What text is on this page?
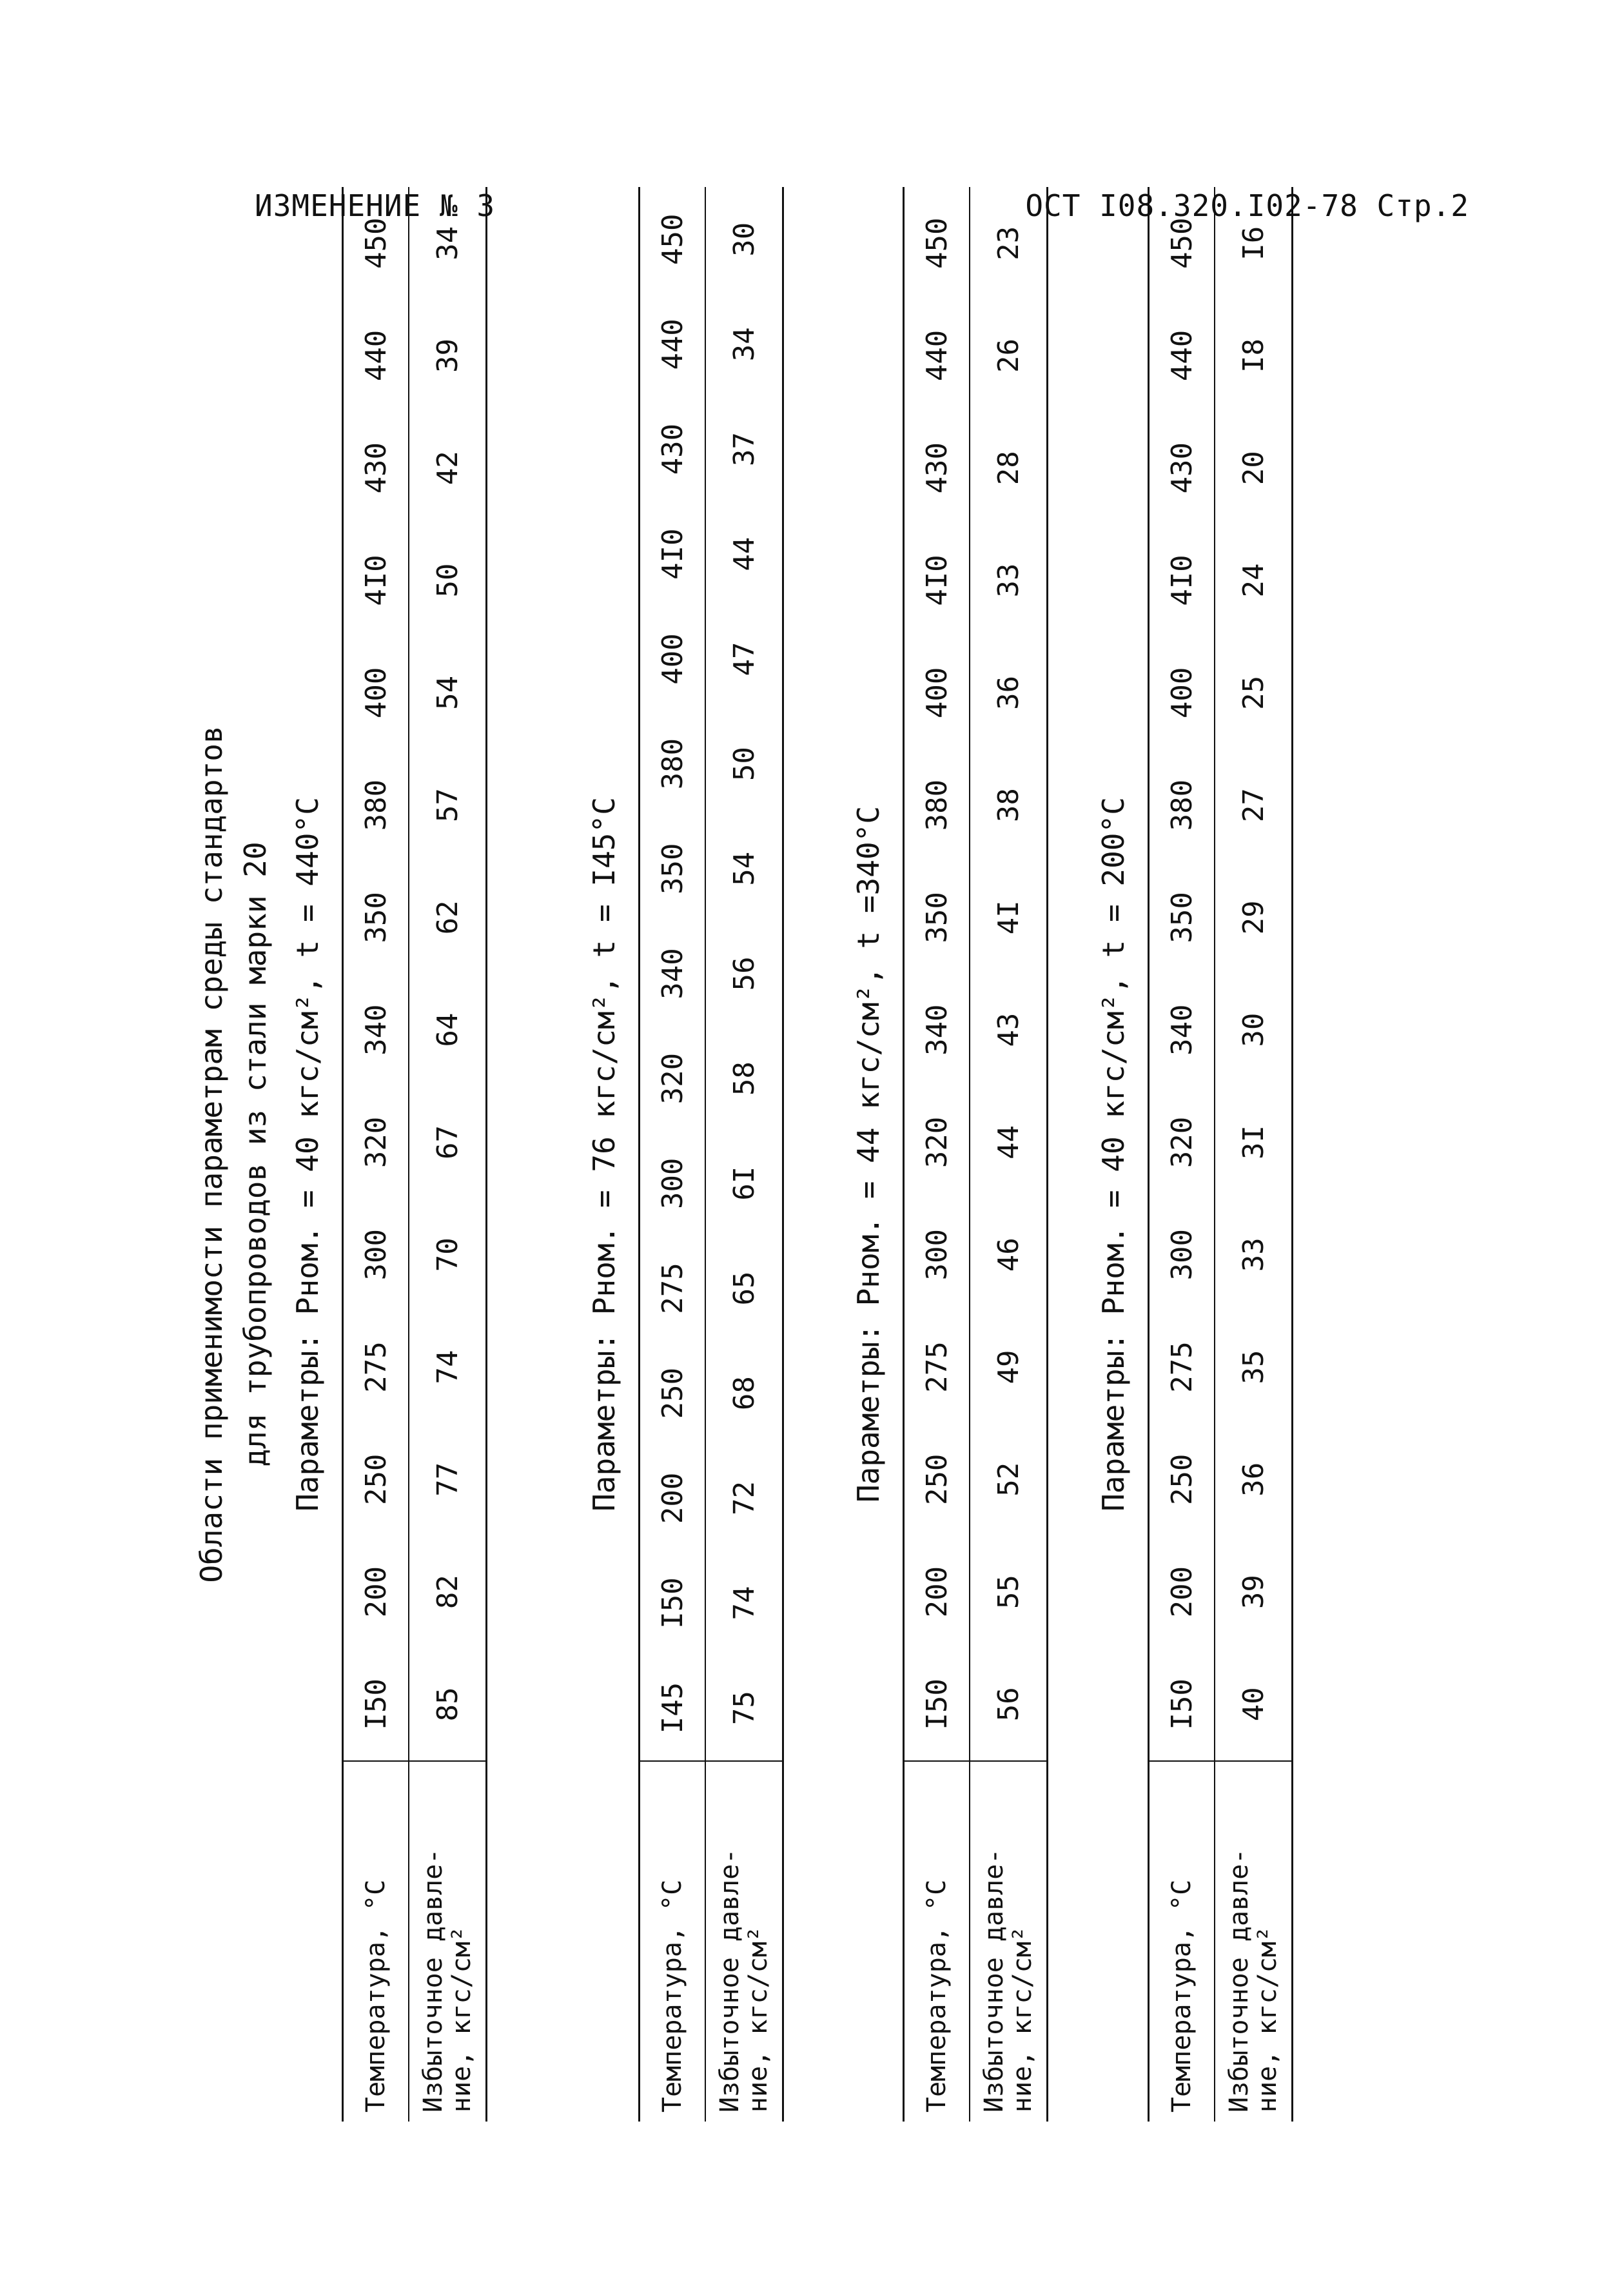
ИЗМЕНЕНИЕ № 3	ОСТ I08.320.I02-78 Стр.2
Области применимости параметрам среды стандартов для трубопроводов из стали марки 20 Параметры: Pном. = 40 кгс/см², t = 440°С
Температура, °С
I50
200
250
275
300
320
340
350
380
400
4I0
430
440
450
Избыточное давле-
ние, кгс/см²
85
82
77
74
70
67
64
62
57
54
50
42
39
34
Параметры: Pном. = 76 кгс/см², t = I45°С
Температура, °С
I45
I50
200
250
275
300
320
340
350
380
400
4I0
430
440
450
Избыточное давле-
ние, кгс/см²
75
74
72
68
65
6I
58
56
54
50
47
44
37
34
30
Параметры: Pном. = 44 кгс/см², t =340°С
Температура, °С
I50
200
250
275
300
320
340
350
380
400
4I0
430
440
450
Избыточное давле-
ние, кгс/см²
56
55
52
49
46
44
43
4I
38
36
33
28
26
23
Параметры: Pном. = 40 кгс/см², t = 200°С
Температура, °С
I50
200
250
275
300
320
340
350
380
400
4I0
430
440
450
Избыточное давле-
ние, кгс/см²
40
39
36
35
33
3I
30
29
27
25
24
20
I8
I6
